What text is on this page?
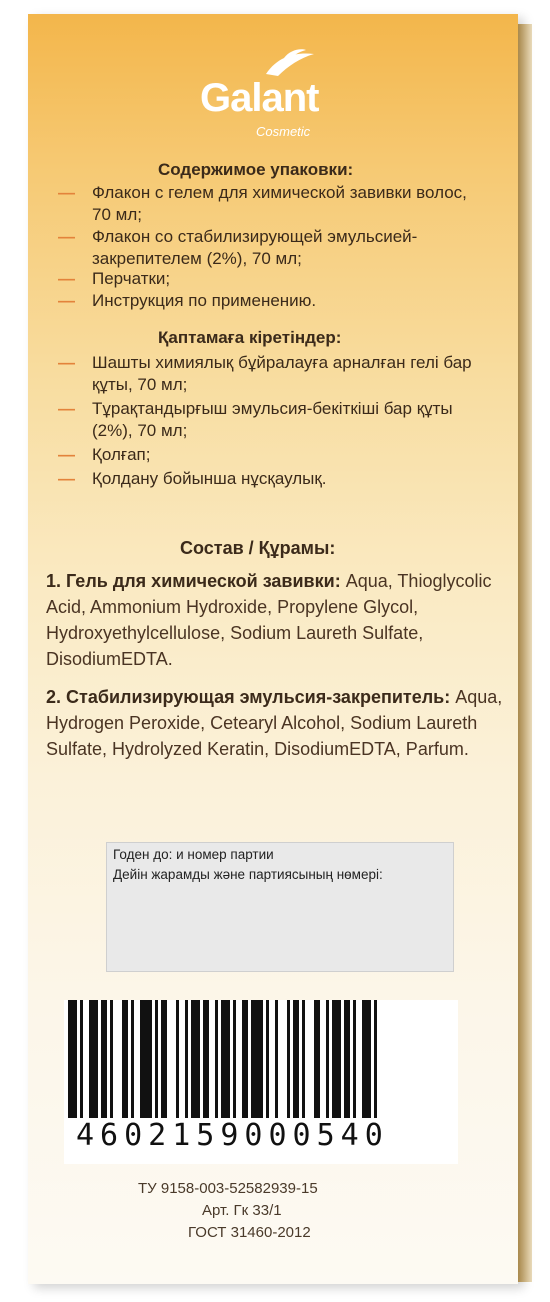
Galant
Cosmetic
Содержимое упаковки:
— Флакон с гелем для химической завивки волос, 70 мл;
— Флакон со стабилизирующей эмульсией-закрепителем (2%), 70 мл;
— Перчатки;
— Инструкция по применению.
Қаптамаға кіретіндер:
— Шашты химиялық бұйралауға арналған гелі бар құты, 70 мл;
— Тұрақтандырғыш эмульсия-бекіткіші бар құты (2%), 70 мл;
— Қолғап;
— Қолдану бойынша нұсқаулық.
Состав / Құрамы:
1. Гель для химической завивки: Aqua, Thioglycolic Acid, Ammonium Hydroxide, Propylene Glycol, Hydroxyethylcellulose, Sodium Laureth Sulfate, DisodiumEDTA.
2. Стабилизирующая эмульсия-закрепитель: Aqua, Hydrogen Peroxide, Cetearyl Alcohol, Sodium Laureth Sulfate, Hydrolyzed Keratin, DisodiumEDTA, Parfum.
Годен до: и номер партии
Дейін жарамды және партиясының нөмері:
4602159000540
ТУ 9158-003-52582939-15
Арт. Гк 33/1
ГОСТ 31460-2012
